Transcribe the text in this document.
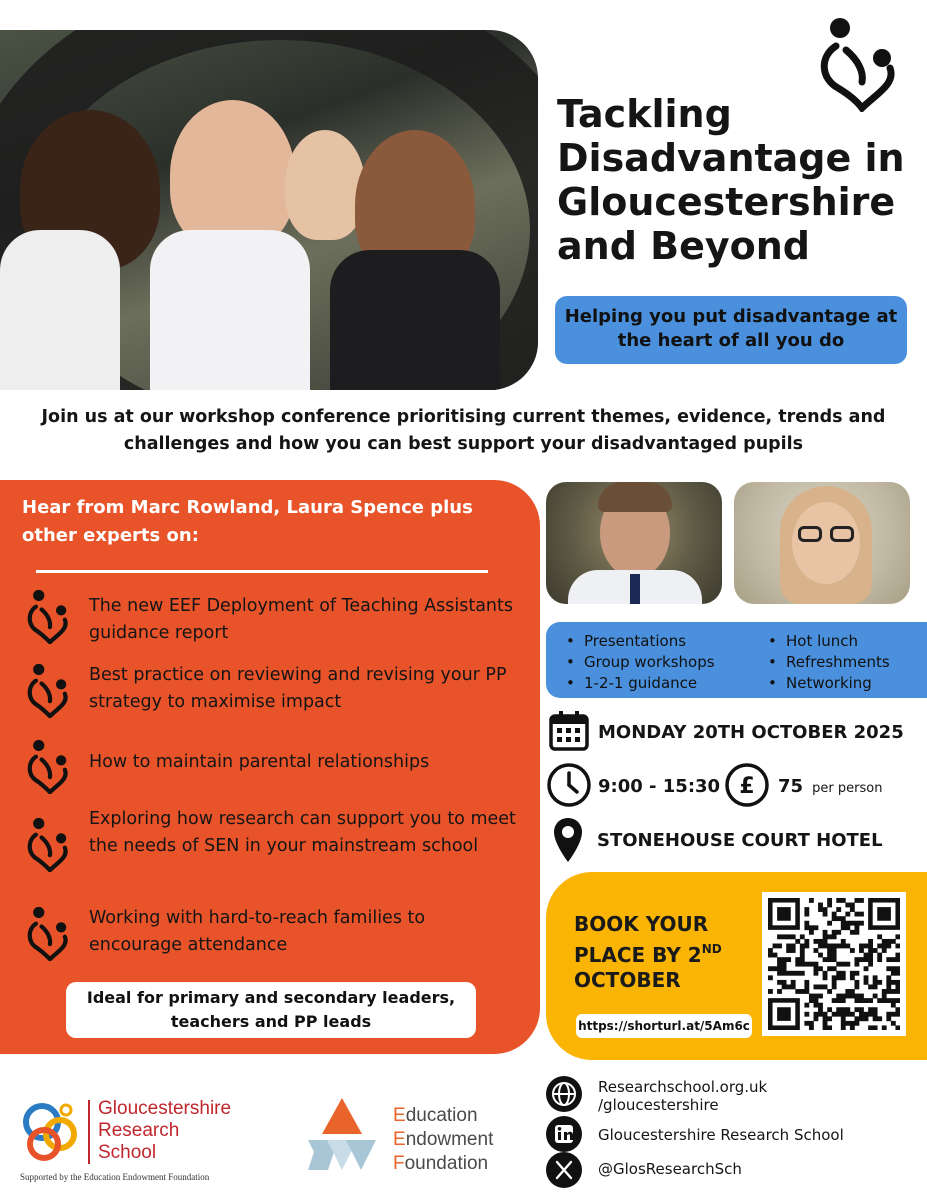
Tackling Disadvantage in Gloucestershire and Beyond
Helping you put disadvantage at the heart of all you do
Join us at our workshop conference prioritising current themes, evidence, trends and challenges and how you can best support your disadvantaged pupils
Hear from Marc Rowland, Laura Spence plus other experts on:
The new EEF Deployment of Teaching Assistants guidance report
Best practice on reviewing and revising your PP strategy to maximise impact
How to maintain parental relationships
Exploring how research can support you to meet the needs of SEN in your mainstream school
Working with hard-to-reach families to encourage attendance
Ideal for primary and secondary leaders, teachers and PP leads
• Presentations
• Group workshops
• 1-2-1 guidance
• Hot lunch
• Refreshments
• Networking
MONDAY 20TH OCTOBER 2025
9:00 - 15:30 £ 75 per person
STONEHOUSE COURT HOTEL
BOOK YOUR
PLACE BY 2ND
OCTOBER
https://shorturl.at/5Am6c
Gloucestershire
Research
School
Supported by the Education Endowment Foundation
Education
Endowment
Foundation
Researchschool.org.uk
/gloucestershire
Gloucestershire Research School
@GlosResearchSch
